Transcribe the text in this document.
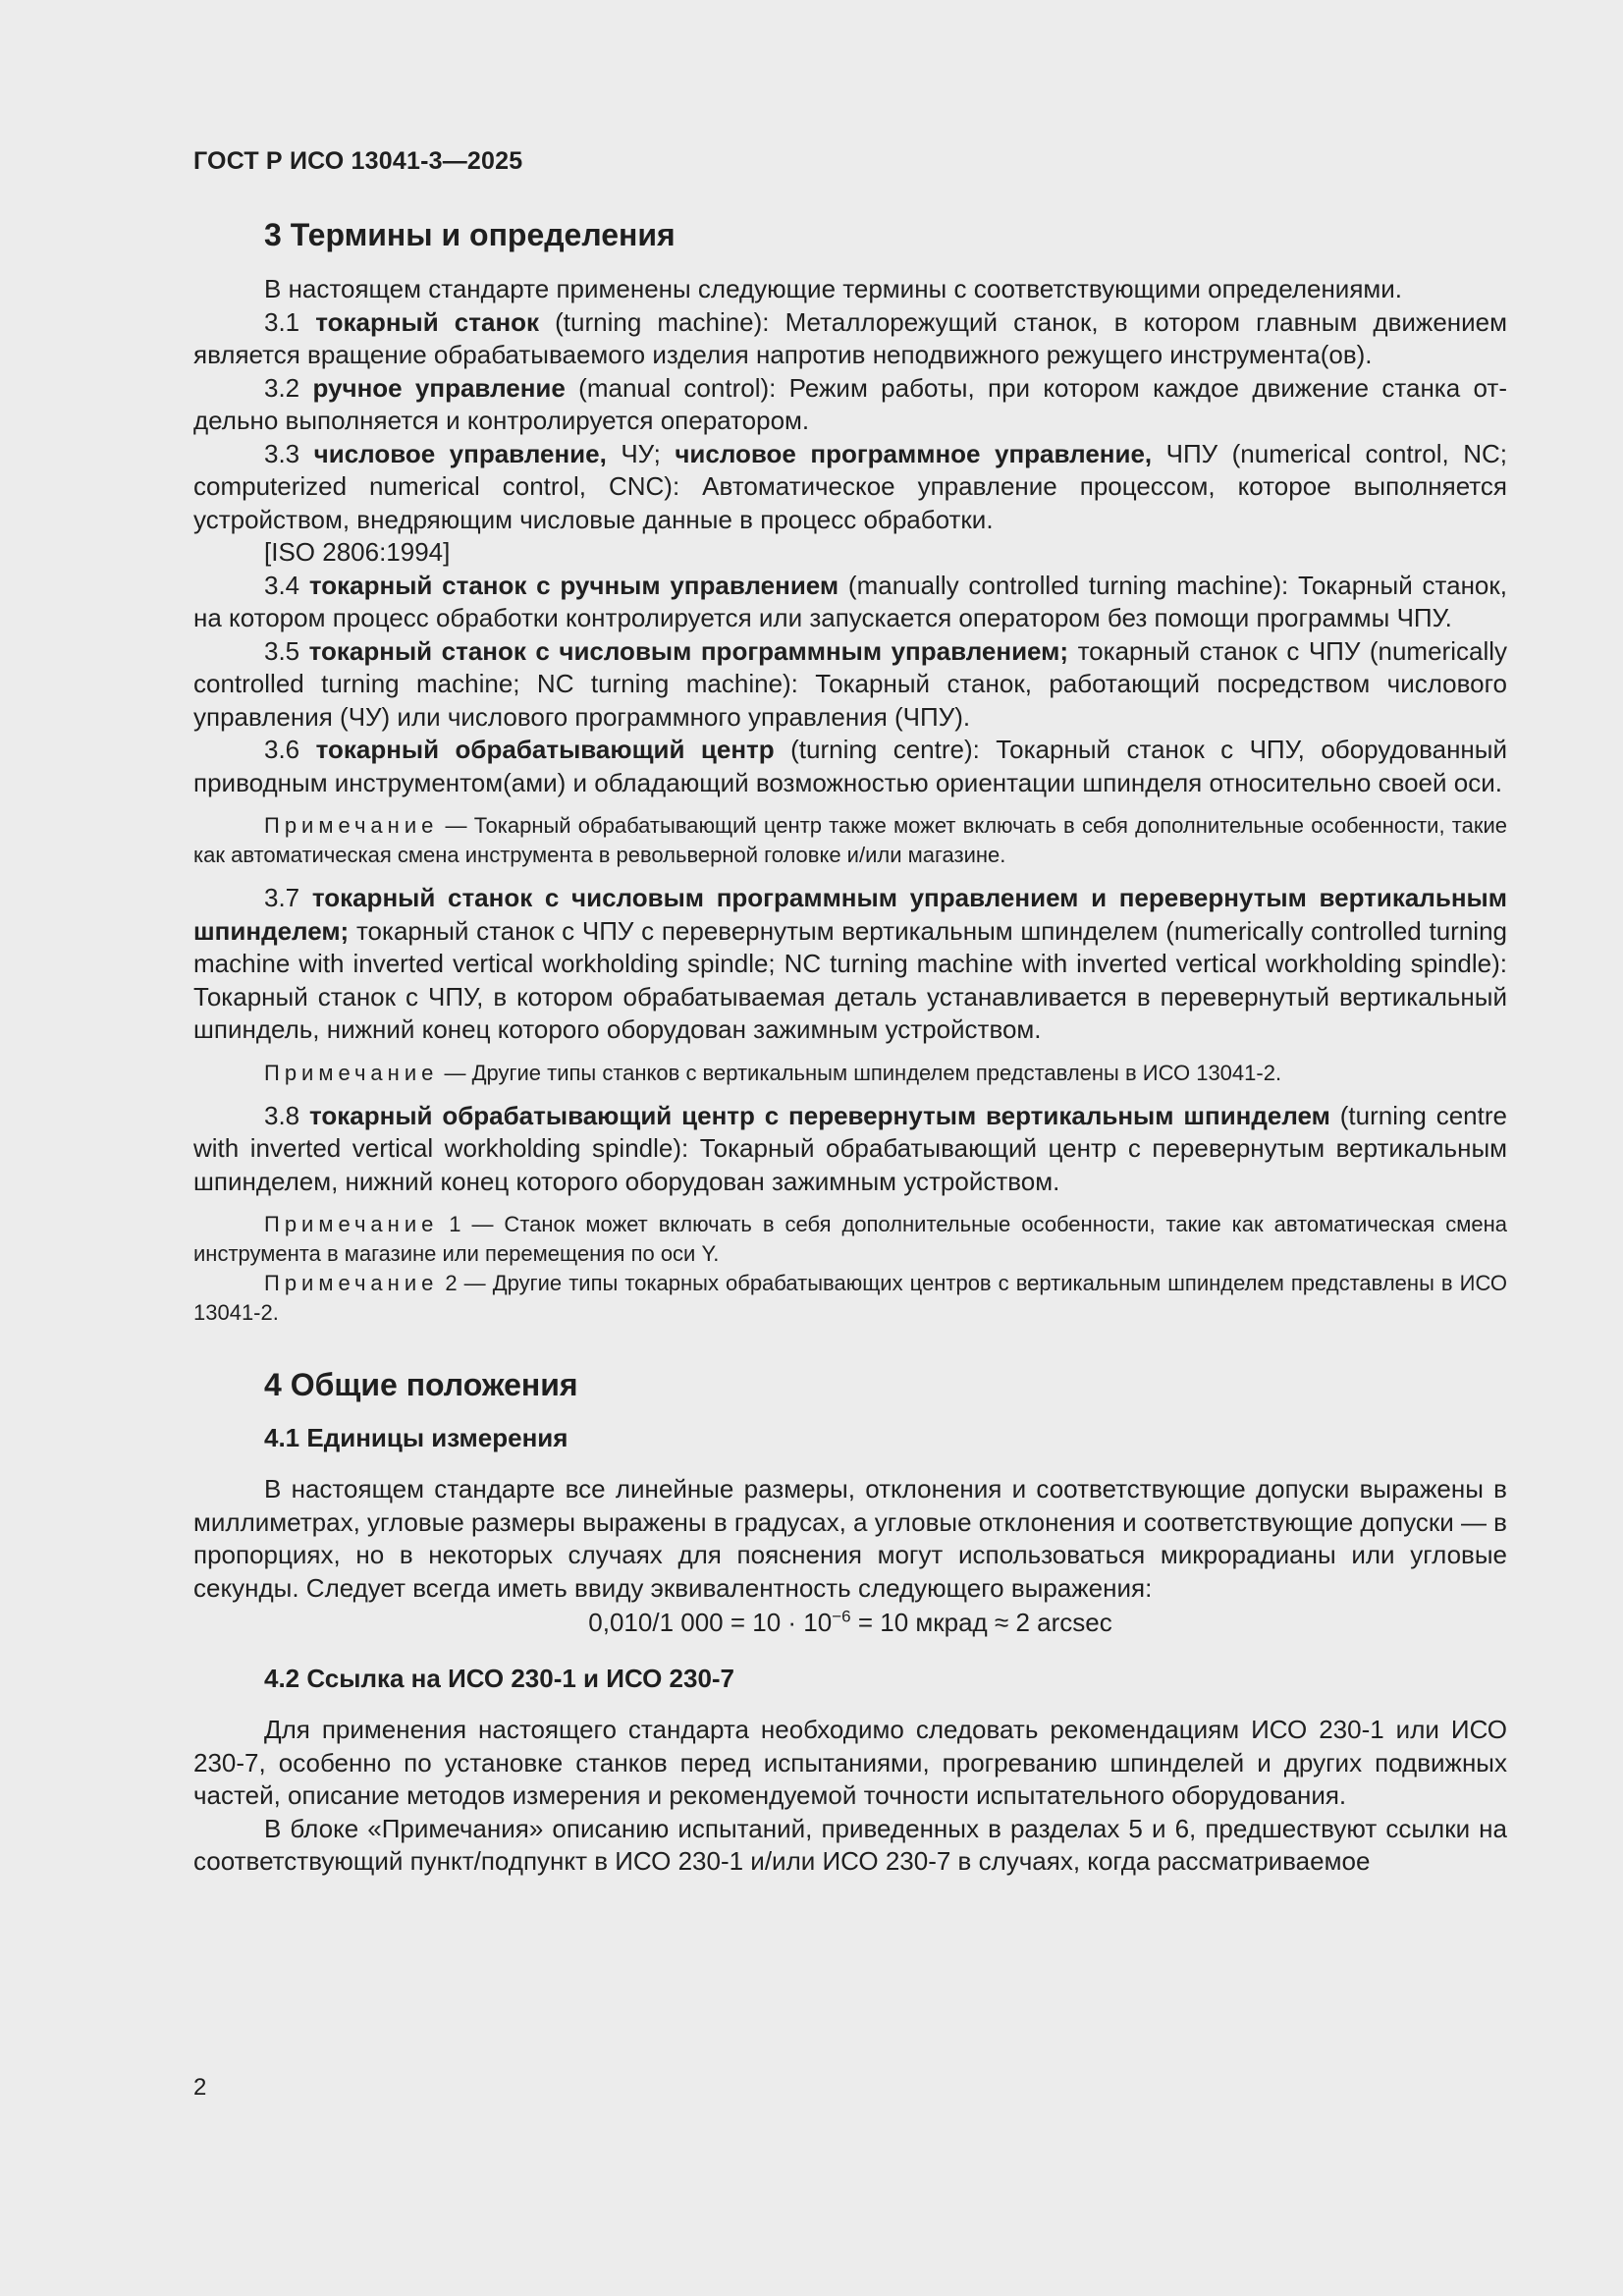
ГОСТ Р ИСО 13041-3—2025
3 Термины и определения

В настоящем стандарте применены следующие термины с соответствующими определениями.

3.1 токарный станок (turning machine): Металлорежущий станок, в котором главным движением является вращение обрабатываемого изделия напротив неподвижного режущего инструмента(ов).

3.2 ручное управление (manual control): Режим работы, при котором каждое движение станка отдельно выполняется и контролируется оператором.

3.3 числовое управление, ЧУ; числовое программное управление, ЧПУ (numerical control, NC; computerized numerical control, CNC): Автоматическое управление процессом, которое выполняется устройством, внедряющим числовые данные в процесс обработки.

[ISO 2806:1994]

3.4 токарный станок с ручным управлением (manually controlled turning machine): Токарный станок, на котором процесс обработки контролируется или запускается оператором без помощи программы ЧПУ.

3.5 токарный станок с числовым программным управлением; токарный станок с ЧПУ (numerically controlled turning machine; NC turning machine): Токарный станок, работающий посредством числового управления (ЧУ) или числового программного управления (ЧПУ).

3.6 токарный обрабатывающий центр (turning centre): Токарный станок с ЧПУ, оборудованный приводным инструментом(ами) и обладающий возможностью ориентации шпинделя относительно своей оси.

Примечание — Токарный обрабатывающий центр также может включать в себя дополнительные особенности, такие как автоматическая смена инструмента в револьверной головке и/или магазине.

3.7 токарный станок с числовым программным управлением и перевернутым вертикальным шпинделем; токарный станок с ЧПУ с перевернутым вертикальным шпинделем (numerically controlled turning machine with inverted vertical workholding spindle; NC turning machine with inverted vertical workholding spindle): Токарный станок с ЧПУ, в котором обрабатываемая деталь устанавливается в перевернутый вертикальный шпиндель, нижний конец которого оборудован зажимным устройством.

Примечание — Другие типы станков с вертикальным шпинделем представлены в ИСО 13041-2.

3.8 токарный обрабатывающий центр с перевернутым вертикальным шпинделем (turning centre with inverted vertical workholding spindle): Токарный обрабатывающий центр с перевернутым вертикальным шпинделем, нижний конец которого оборудован зажимным устройством.

Примечание 1 — Станок может включать в себя дополнительные особенности, такие как автоматическая смена инструмента в магазине или перемещения по оси Y.

Примечание 2 — Другие типы токарных обрабатывающих центров с вертикальным шпинделем представлены в ИСО 13041-2.

4 Общие положения
4.1 Единицы измерения

В настоящем стандарте все линейные размеры, отклонения и соответствующие допуски выражены в миллиметрах, угловые размеры выражены в градусах, а угловые отклонения и соответствующие допуски — в пропорциях, но в некоторых случаях для пояснения могут использоваться микрорадианы или угловые секунды. Следует всегда иметь ввиду эквивалентность следующего выражения:

0,010/1 $000 = 10 \cdot 10^{-6} = 10$ мкрад ≈ 2 arcsec
4.2 Ссылка на ИСО 230-1 и ИСО 230-7

Для применения настоящего стандарта необходимо следовать рекомендациям ИСО 230-1 или ИСО 230-7, особенно по установке станков перед испытаниями, прогреванию шпинделей и других подвижных частей, описание методов измерения и рекомендуемой точности испытательного оборудования.

В блоке «Примечания» описанию испытаний, приведенных в разделах 5 и 6, предшествуют ссылки на соответствующий пункт/подпункт в ИСО 230-1 и/или ИСО 230-7 в случаях, когда рассматриваемое

2
